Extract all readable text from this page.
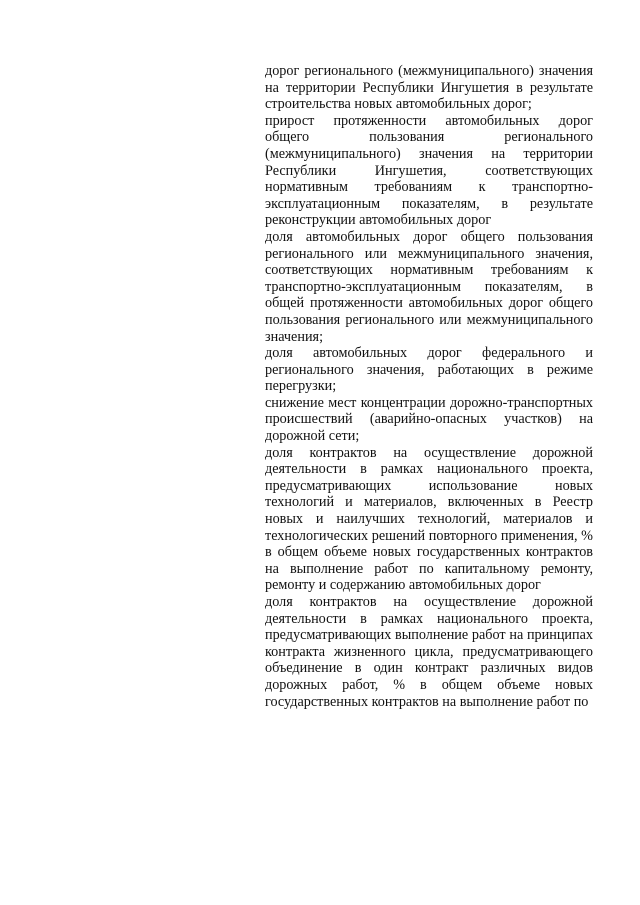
дорог регионального (межмуниципального) значения на территории Республики Ингушетия в результате строительства новых автомобильных дорог;

прирост протяженности автомобильных дорог общего пользования регионального (межмуниципального) значения на территории Республики Ингушетия, соответствующих нормативным требованиям к транспортно-эксплуатационным показателям, в результате реконструкции автомобильных дорог

доля автомобильных дорог общего пользования регионального или межмуниципального значения, соответствующих нормативным требованиям к транспортно-эксплуатационным показателям, в общей протяженности автомобильных дорог общего пользования регионального или межмуниципального значения;

доля автомобильных дорог федерального и регионального значения, работающих в режиме перегрузки;

снижение мест концентрации дорожно-транспортных происшествий (аварийно-опасных участков) на дорожной сети;

доля контрактов на осуществление дорожной деятельности в рамках национального проекта, предусматривающих использование новых технологий и материалов, включенных в Реестр новых и наилучших технологий, материалов и технологических решений повторного применения, % в общем объеме новых государственных контрактов на выполнение работ по капитальному ремонту, ремонту и содержанию автомобильных дорог

доля контрактов на осуществление дорожной деятельности в рамках национального проекта, предусматривающих выполнение работ на принципах контракта жизненного цикла, предусматривающего объединение в один контракт различных видов дорожных работ, % в общем объеме новых государственных контрактов на выполнение работ по
